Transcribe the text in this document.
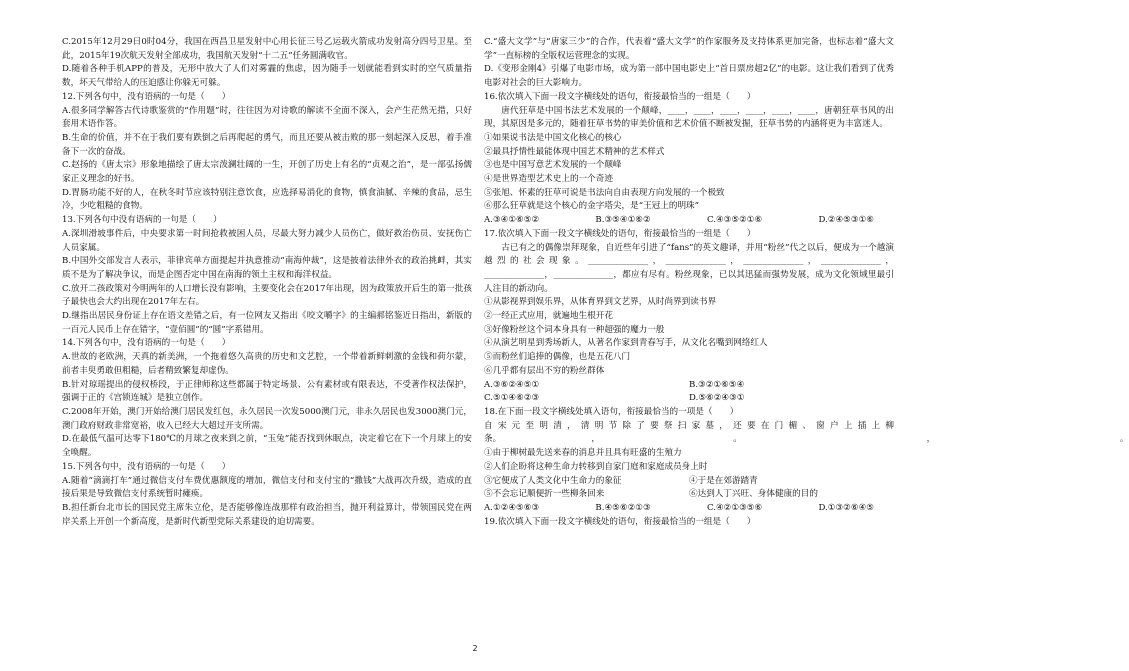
C.2015年12月29日0时04分，我国在西昌卫星发射中心用长征三号乙运载火箭成功发射高分四号卫星。至此，2015年19次航天发射全部成功，我国航天发射“十二五”任务圆满收官。

D.随着各种手机APP的普及，无形中放大了人们对雾霾的焦虑，因为随手一划就能看到实时的空气质量指数，坏天气带给人的压迫感让你躲无可躲。

12.下列各句中，没有语病的一句是（　　）

A.很多同学解答古代诗歌鉴赏的“作用题”时，往往因为对诗歌的解读不全面不深入，会产生茫然无措，只好套用术语作答。

B.生命的价值，并不在于我们要有跌倒之后再爬起的勇气，而且还要从被击败的那一刻起深入反思，着手准备下一次的奋战。

C.赵扬的《唐太宗》形象地描绘了唐太宗泼澜壮阔的一生，开创了历史上有名的“贞观之治”，是一部弘扬儒家正义理念的好书。

D.胃肠功能不好的人，在秋冬时节应该特别注意饮食，应选择易消化的食物，慎食油腻、辛辣的食品，忌生冷，少吃粗糙的食物。

13.下列各句中没有语病的一句是（　　）

A.深圳滑坡事件后，中央要求第一时间抢救被困人员，尽最大努力减少人员伤亡，做好救治伤员、安抚伤亡人员家属。

B.中国外交部发言人表示，菲律宾单方面提起并执意推动“南海仲裁”，这是披着法律外衣的政治挑衅，其实质不是为了解决争议，而是企图否定中国在南海的领土主权和海洋权益。

C.放开二孩政策对今明两年的人口增长没有影响，主要变化会在2017年出现，因为政策放开后生的第一批孩子最快也会大约出现在2017年左右。

D.继指出居民身份证上存在语文差错之后，有一位网友又指出《咬文嚼字》的主编郝铭鉴近日指出，新版的一百元人民币上存在错字，“壹佰圆”的“圆”字系错用。

14.下列各句中，没有语病的一句是（　　）

A.世故的老欧洲，天真的新美洲，一个拖着悠久高贵的历史和文艺腔，一个带着新鲜刺激的金钱和荷尔蒙，前者丰臾勇敢但粗糙，后者精致繁复却虚伪。

B.针对琼瑶提出的侵权桥段，于正律师称这些都属于特定场景、公有素材或有限表达，不受著作权法保护，强调于正的《宫锁连城》是独立创作。

C.2008年开始，澳门开始给澳门居民发红包，永久居民一次发5000澳门元，非永久居民也发3000澳门元，澳门政府财政非常宽裕，收入已经大大超过开支所需。

D.在最低气温可达零下180℃的月球之夜来到之前，“玉兔”能否找到休眠点，决定着它在下一个月球上的安全唤醒。

15.下列各句中，没有语病的一句是（　　）

A.随着“滴滴打车”通过微信支付车费优惠额度的增加，微信支付和支付宝的“撒钱”大战再次升级，造成的直接后果是导致微信支付系统暂时瘫痪。

B.担任新台北市长的国民党主席朱立伦，是否能够像连战那样有政治担当，抛开利益算计，带领国民党在两岸关系上开创一个新高度，是新时代新型党际关系建设的迫切需要。

C.“盛大文学”与“唐家三少”的合作，代表着“盛大文学”的作家服务及支持体系更加完备，也标志着“盛大文学”一直标榜的全版权运营理念的实现。

D.《变形金刚4》引爆了电影市场，成为第一部中国电影史上“首日票房超2亿”的电影。这让我们看到了优秀电影对社会的巨大影响力。

16.依次填入下面一段文字横线处的语句，衔接最恰当的一组是（　　）

唐代狂草是中国书法艺术发展的一个颠峰，____，____，____，____，____，____，唐朝狂草书风的出现，其原因是多元的，随着狂草书势的审美价值和艺术价值不断被发掘，狂草书势的内涵将更为丰富迷人。

①如果说书法是中国文化核心的核心

②最具抒情性最能体现中国艺术精神的艺术样式

③也是中国写意艺术发展的一个颠峰

④是世界造型艺术史上的一个奇迹

⑤张旭、怀素的狂草可说是书法向自由表现方向发展的一个极致

⑥那么狂草就是这个核心的金字塔尖，是“王冠上的明珠”

A.③④①⑥⑤②	B.③⑤④①⑥②	C.④③⑤②①⑥	D.②④⑤③①⑥

17.依次填入下面一段文字横线处的语句，衔接最恰当的一组是（　　）

古已有之的偶像崇拜现象，自近些年引进了“fans”的英文趣译，并用“粉丝”代之以后，便成为一个越演越烈的社会现象。______________，______________，______________，______________，______________，______________，都应有尽有。粉丝现象，已以其迅猛而强势发展，成为文化领域里最引人注目的新动向。

①从影视界到娱乐界，从体育界到文艺界，从时尚界到读书界

②一经正式应用，就遍地生根开花

③好像粉丝这个词本身具有一种超强的魔力一般

④从演艺明星到秀场新人，从著名作家到青春写手，从文化名嘴到网络红人

⑤而粉丝们追捧的偶像，也是五花八门

⑥几乎都有层出不穷的粉丝群体

A.③⑥②④⑤①	B.③②①⑥⑤④

C.⑤①④⑥②③	D.⑤⑥②④③①

18.在下面一段文字横线处填入语句，衔接最恰当的一项是（　　）

自宋元至明清，清明节除了要祭扫家墓，还要在门楣、窗户上插上柳条。　　　　　　　　　　　，　　　　　　　　　　　　　　　　。　　　　　　　　　　　　　　　　　　　　　　，　　　　　　　　　　　　　　　　　　　　　　。

①由于柳树最先送来春的消息并且具有旺盛的生殖力

②人们企盼将这种生命力转移到自家门庭和家庭成员身上时

③它便成了人类文化中生命力的象征	④于是在郊游踏青

⑤不会忘记顺便折一些柳条回来	⑥达到人丁兴旺、身体健康的目的

A.①②④⑤⑥③	B.④⑤⑥②①③	C.④②①③⑤⑥	D.①③②⑥④⑤

19.依次填入下面一段文字横线处的语句，衔接最恰当的一组是（　　）

2
